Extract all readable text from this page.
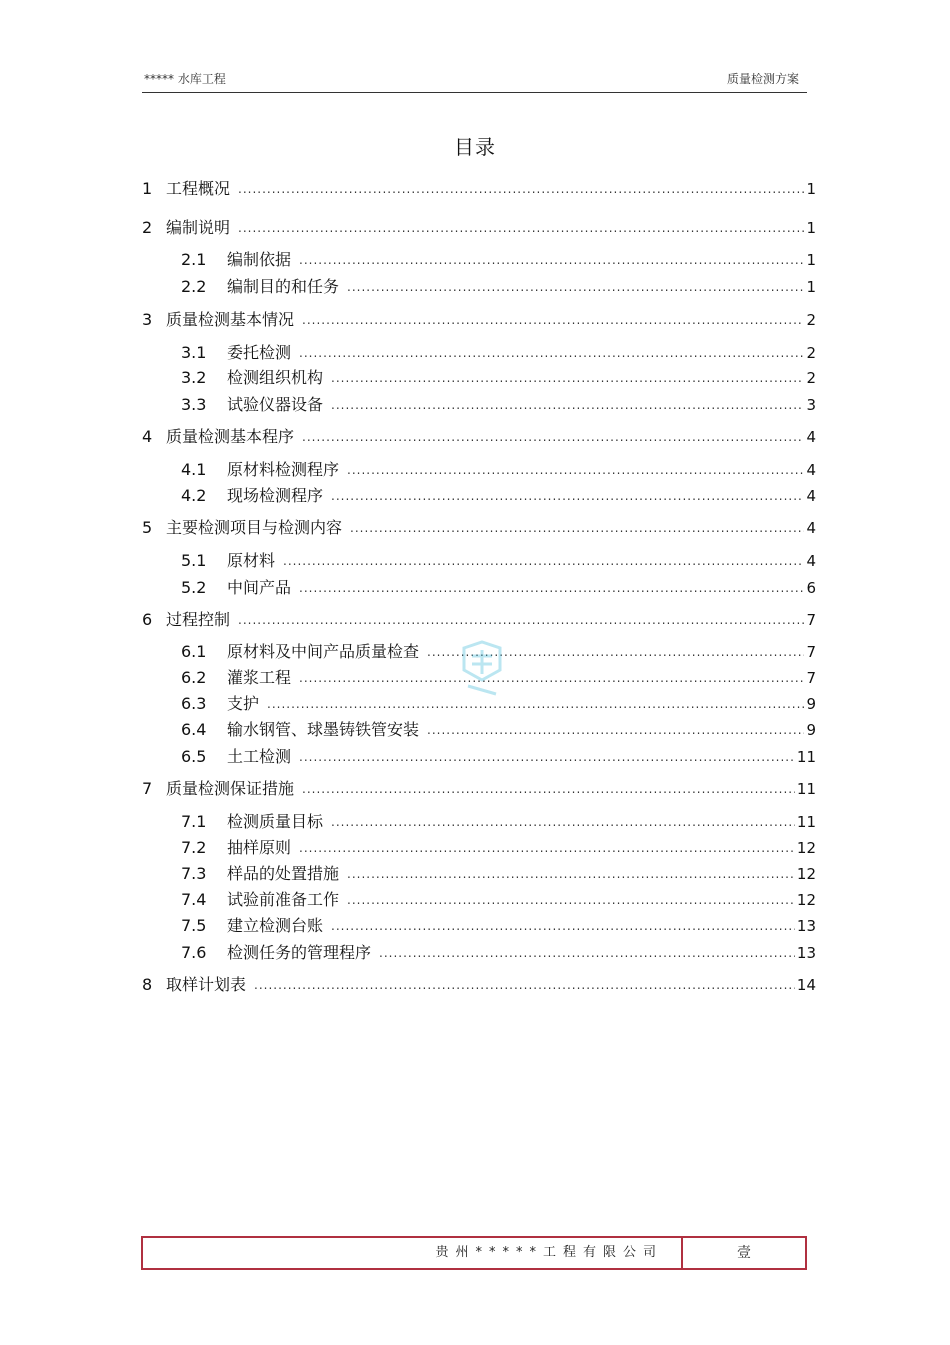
***** 水库工程	质量检测方案
目录
1 工程概况 .....	1
2 编制说明 .....	1
2.1	编制依据 .....	1
2.2	编制目的和任务 .....	1
3 质量检测基本情况 .....	2
3.1	委托检测 .....	2
3.2	检测组织机构 .....	2
3.3	试验仪器设备 .....	3
4 质量检测基本程序 .....	4
4.1	原材料检测程序 .....	4
4.2	现场检测程序 .....	4
5 主要检测项目与检测内容 .....	4
5.1	原材料 .....	4
5.2	中间产品 .....	6
6 过程控制 .....	7
6.1	原材料及中间产品质量检查 .....	7
6.2	灌浆工程 .....	7
6.3	支护 .....	9
6.4	输水钢管、球墨铸铁管安装 .....	9
6.5	土工检测 .....	11
7 质量检测保证措施 .....	11
7.1	检测质量目标 .....	11
7.2	抽样原则 .....	12
7.3	样品的处置措施 .....	12
7.4	试验前准备工作 .....	12
7.5	建立检测台账 .....	13
7.6	检测任务的管理程序 .....	13
8 取样计划表 .....	14
贵州*****工程有限公司	壹
